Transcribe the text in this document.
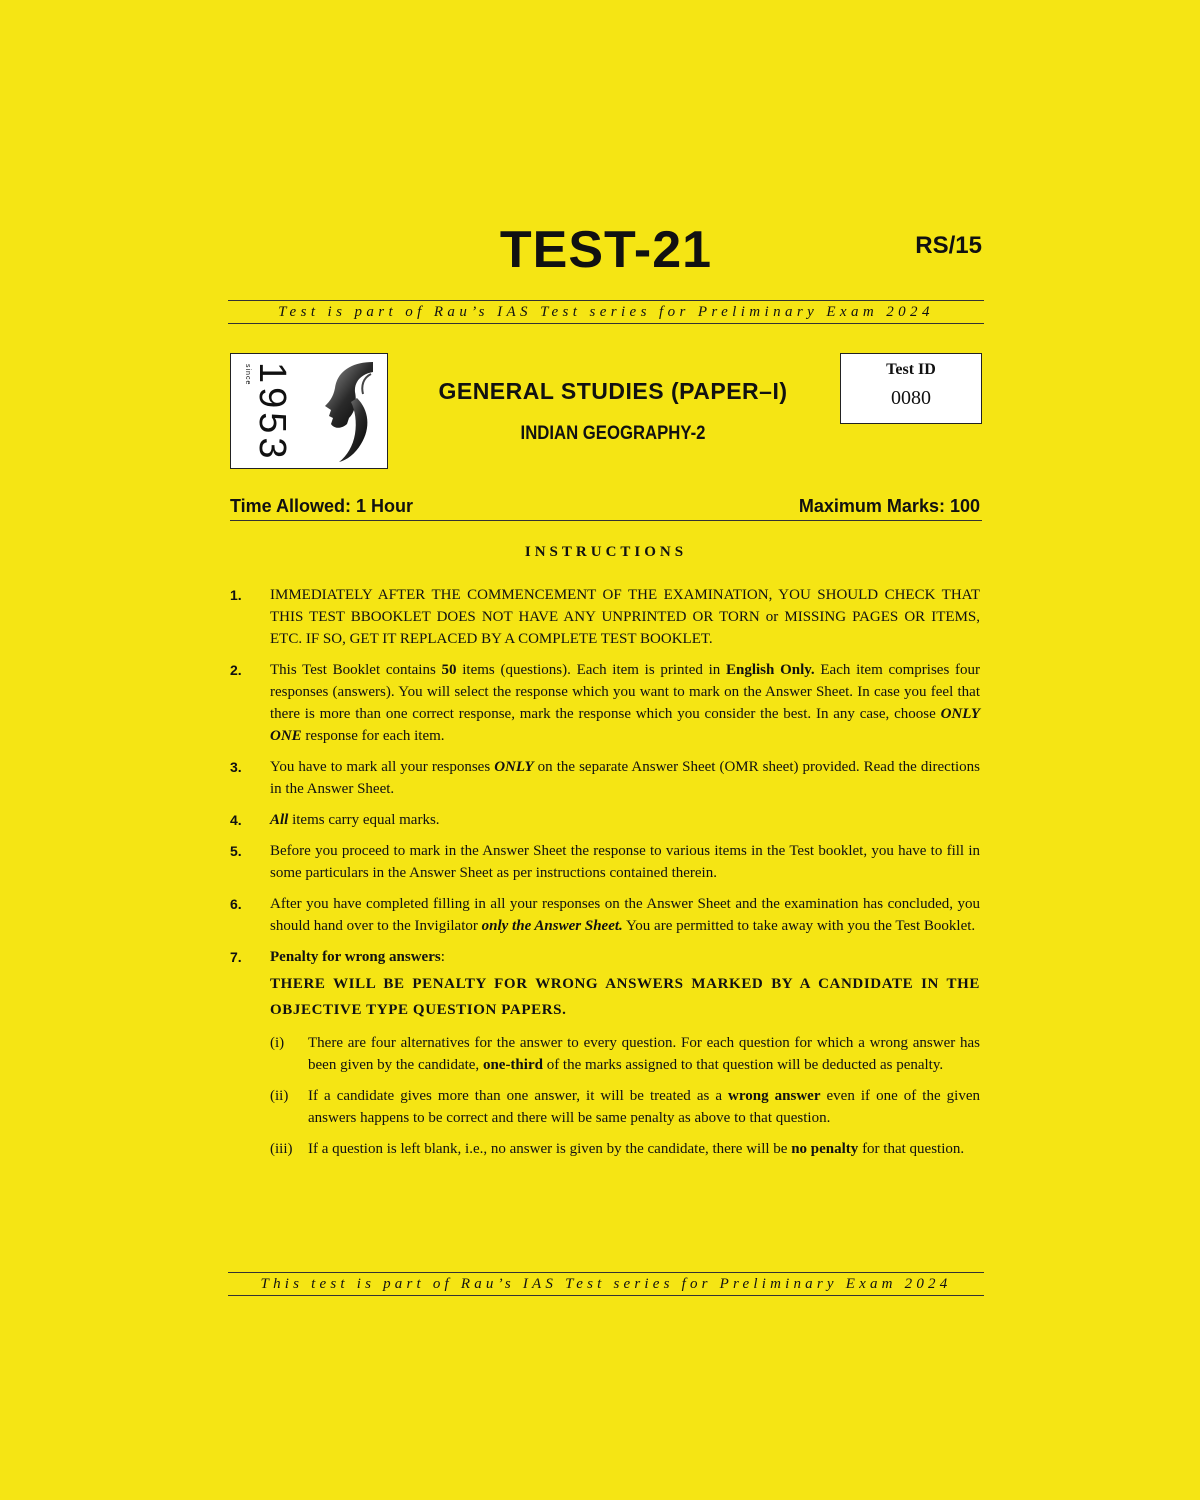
TEST-21	RS/15
Test is part of Rau’s IAS Test series for Preliminary Exam 2024
since 1953	GENERAL STUDIES (PAPER–I)
INDIAN GEOGRAPHY-2
Test ID
0080
Time Allowed: 1 Hour	Maximum Marks: 100
INSTRUCTIONS
1. IMMEDIATELY AFTER THE COMMENCEMENT OF THE EXAMINATION, YOU SHOULD CHECK THAT THIS TEST BBOOKLET DOES NOT HAVE ANY UNPRINTED OR TORN or MISSING PAGES OR ITEMS, ETC. IF SO, GET IT REPLACED BY A COMPLETE TEST BOOKLET.
2. This Test Booklet contains 50 items (questions). Each item is printed in English Only. Each item comprises four responses (answers). You will select the response which you want to mark on the Answer Sheet. In case you feel that there is more than one correct response, mark the response which you consider the best. In any case, choose ONLY ONE response for each item.
3. You have to mark all your responses ONLY on the separate Answer Sheet (OMR sheet) provided. Read the directions in the Answer Sheet.
4. All items carry equal marks.
5. Before you proceed to mark in the Answer Sheet the response to various items in the Test booklet, you have to fill in some particulars in the Answer Sheet as per instructions contained therein.
6. After you have completed filling in all your responses on the Answer Sheet and the examination has concluded, you should hand over to the Invigilator only the Answer Sheet. You are permitted to take away with you the Test Booklet.
7. Penalty for wrong answers:
THERE WILL BE PENALTY FOR WRONG ANSWERS MARKED BY A CANDIDATE IN THE OBJECTIVE TYPE QUESTION PAPERS.
(i) There are four alternatives for the answer to every question. For each question for which a wrong answer has been given by the candidate, one-third of the marks assigned to that question will be deducted as penalty.
(ii) If a candidate gives more than one answer, it will be treated as a wrong answer even if one of the given answers happens to be correct and there will be same penalty as above to that question.
(iii) If a question is left blank, i.e., no answer is given by the candidate, there will be no penalty for that question.
This test is part of Rau’s IAS Test series for Preliminary Exam 2024
